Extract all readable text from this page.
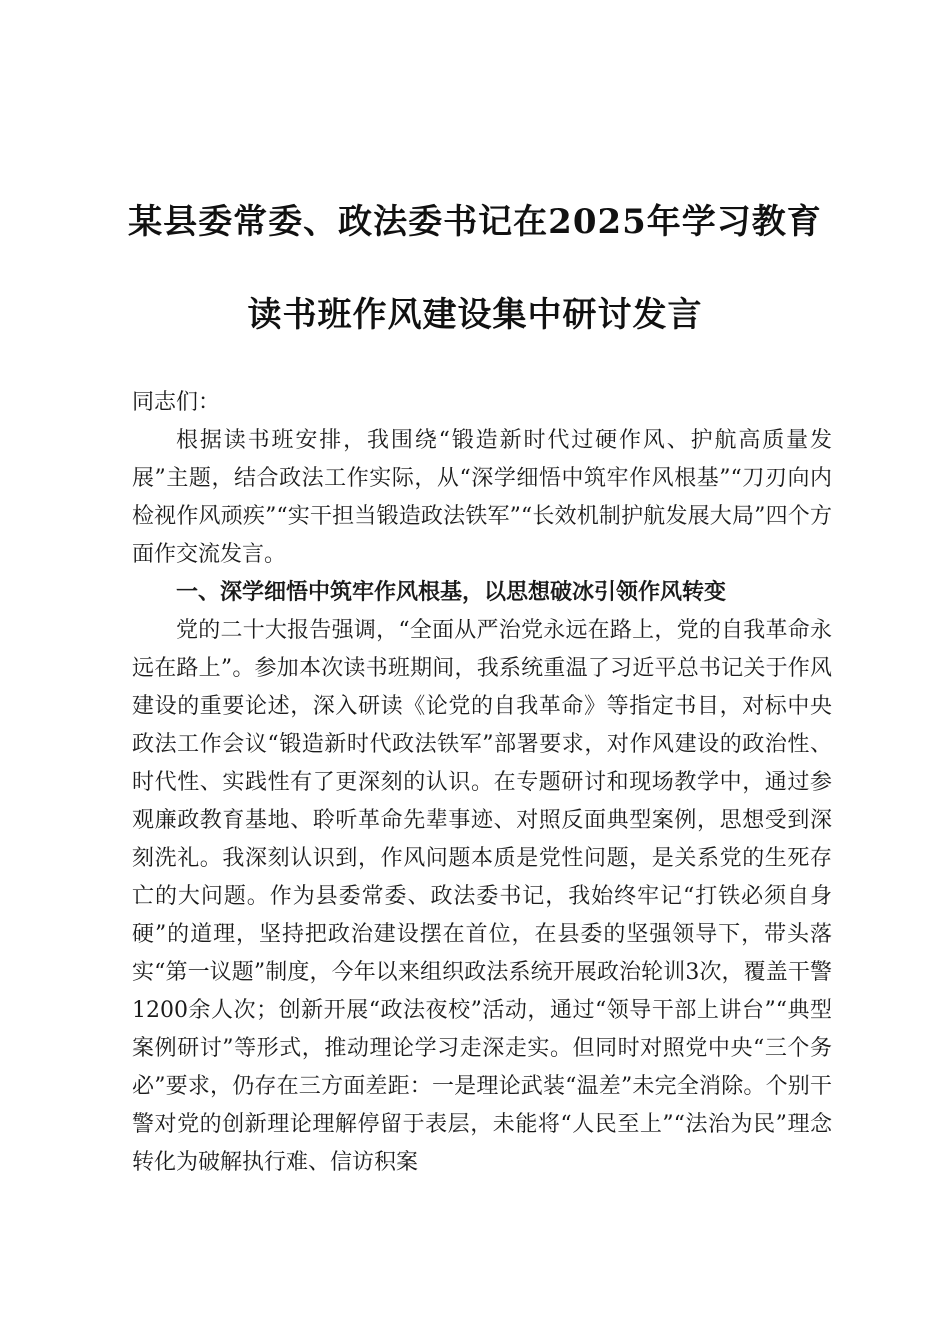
某县委常委、政法委书记在2025年学习教育
读书班作风建设集中研讨发言

同志们：

根据读书班安排，我围绕“锻造新时代过硬作风、护航高质量发展”主题，结合政法工作实际，从“深学细悟中筑牢作风根基”“刀刃向内检视作风顽疾”“实干担当锻造政法铁军”“长效机制护航发展大局”四个方面作交流发言。

一、深学细悟中筑牢作风根基，以思想破冰引领作风转变

党的二十大报告强调，“全面从严治党永远在路上，党的自我革命永远在路上”。参加本次读书班期间，我系统重温了习近平总书记关于作风建设的重要论述，深入研读《论党的自我革命》等指定书目，对标中央政法工作会议“锻造新时代政法铁军”部署要求，对作风建设的政治性、时代性、实践性有了更深刻的认识。在专题研讨和现场教学中，通过参观廉政教育基地、聆听革命先辈事迹、对照反面典型案例，思想受到深刻洗礼。我深刻认识到，作风问题本质是党性问题，是关系党的生死存亡的大问题。作为县委常委、政法委书记，我始终牢记“打铁必须自身硬”的道理，坚持把政治建设摆在首位，在县委的坚强领导下，带头落实“第一议题”制度，今年以来组织政法系统开展政治轮训3次，覆盖干警1200余人次；创新开展“政法夜校”活动，通过“领导干部上讲台”“典型案例研讨”等形式，推动理论学习走深走实。但同时对照党中央“三个务必”要求，仍存在三方面差距：一是理论武装“温差”未完全消除。个别干警对党的创新理论理解停留于表层，未能将“人民至上”“法治为民”理念转化为破解执行难、信访积案
